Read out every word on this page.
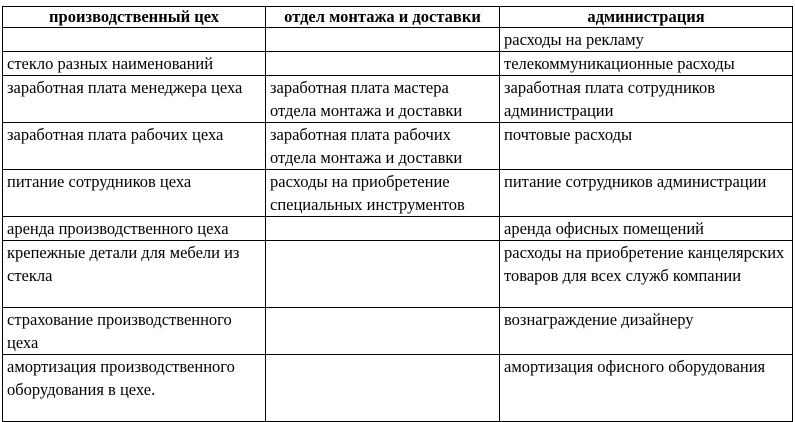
производственный цех	отдел монтажа и доставки	администрация
		расходы на рекламу
стекло разных наименований		телекоммуникационные расходы
заработная плата менеджера цеха	заработная плата мастера отдела монтажа и доставки	заработная плата сотрудников администрации
заработная плата рабочих цеха	заработная плата рабочих отдела монтажа и доставки	почтовые расходы
питание сотрудников цеха	расходы на приобретение специальных инструментов	питание сотрудников администрации
аренда производственного цеха		аренда офисных помещений
крепежные детали для мебели из стекла		расходы на приобретение канцелярских товаров для всех служб компании
страхование производственного цеха		вознаграждение дизайнеру
амортизация производственного оборудования в цехе.		амортизация офисного оборудования
